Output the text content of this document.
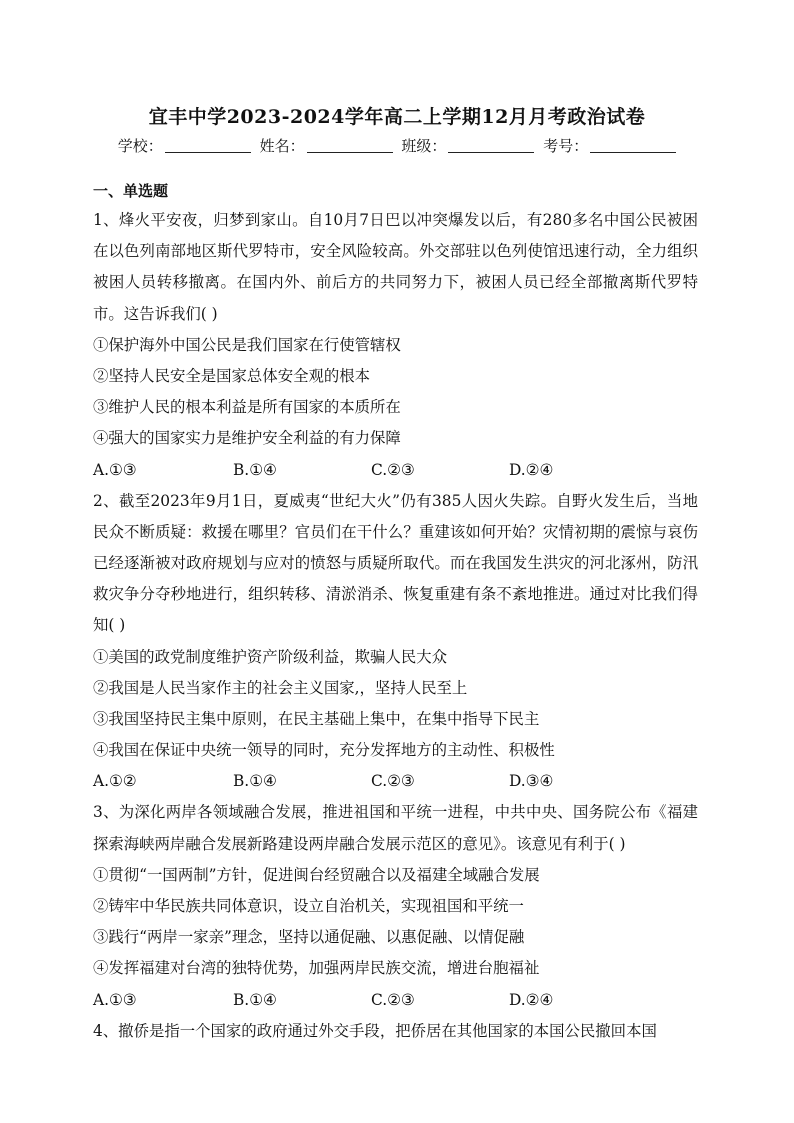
宜丰中学2023-2024学年高二上学期12月月考政治试卷
学校：	姓名：	班级：	考号：
一、单选题
1、烽火平安夜，归梦到家山。自10月7日巴以冲突爆发以后，有280多名中国公民被困在以色列南部地区斯代罗特市，安全风险较高。外交部驻以色列使馆迅速行动，全力组织被困人员转移撤离。在国内外、前后方的共同努力下，被困人员已经全部撤离斯代罗特市。这告诉我们( )
①保护海外中国公民是我们国家在行使管辖权
②坚持人民安全是国家总体安全观的根本
③维护人民的根本利益是所有国家的本质所在
④强大的国家实力是维护安全利益的有力保障
A.①③	B.①④	C.②③	D.②④
2、截至2023年9月1日，夏威夷“世纪大火”仍有385人因火失踪。自野火发生后，当地民众不断质疑：救援在哪里？官员们在干什么？重建该如何开始？灾情初期的震惊与哀伤已经逐渐被对政府规划与应对的愤怒与质疑所取代。而在我国发生洪灾的河北涿州，防汛救灾争分夺秒地进行，组织转移、清淤消杀、恢复重建有条不紊地推进。通过对比我们得知( )
①美国的政党制度维护资产阶级利益，欺骗人民大众
②我国是人民当家作主的社会主义国家,，坚持人民至上
③我国坚持民主集中原则，在民主基础上集中，在集中指导下民主
④我国在保证中央统一领导的同时，充分发挥地方的主动性、积极性
A.①②	B.①④	C.②③	D.③④
3、为深化两岸各领域融合发展，推进祖国和平统一进程，中共中央、国务院公布《福建探索海峡两岸融合发展新路建设两岸融合发展示范区的意见》。该意见有利于( )
①贯彻“一国两制”方针，促进闽台经贸融合以及福建全域融合发展
②铸牢中华民族共同体意识，设立自治机关，实现祖国和平统一
③践行“两岸一家亲”理念，坚持以通促融、以惠促融、以情促融
④发挥福建对台湾的独特优势，加强两岸民族交流，增进台胞福祉
A.①③	B.①④	C.②③	D.②④
4、撤侨是指一个国家的政府通过外交手段，把侨居在其他国家的本国公民撤回本国
